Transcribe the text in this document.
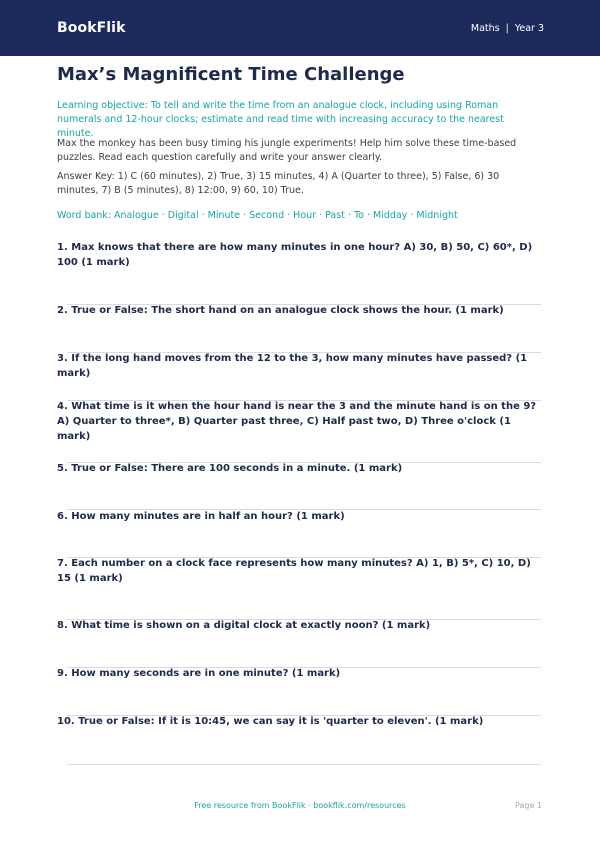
BookFlik	Maths | Year 3
Max’s Magnificent Time Challenge
Learning objective: To tell and write the time from an analogue clock, including using Roman numerals and 12-hour clocks; estimate and read time with increasing accuracy to the nearest minute.
Max the monkey has been busy timing his jungle experiments! Help him solve these time-based puzzles. Read each question carefully and write your answer clearly.
Answer Key: 1) C (60 minutes), 2) True, 3) 15 minutes, 4) A (Quarter to three), 5) False, 6) 30 minutes, 7) B (5 minutes), 8) 12:00, 9) 60, 10) True.
Word bank: Analogue · Digital · Minute · Second · Hour · Past · To · Midday · Midnight
1. Max knows that there are how many minutes in one hour? A) 30, B) 50, C) 60*, D) 100 (1 mark)
2. True or False: The short hand on an analogue clock shows the hour. (1 mark)
3. If the long hand moves from the 12 to the 3, how many minutes have passed? (1 mark)
4. What time is it when the hour hand is near the 3 and the minute hand is on the 9? A) Quarter to three*, B) Quarter past three, C) Half past two, D) Three o'clock (1 mark)
5. True or False: There are 100 seconds in a minute. (1 mark)
6. How many minutes are in half an hour? (1 mark)
7. Each number on a clock face represents how many minutes? A) 1, B) 5*, C) 10, D) 15 (1 mark)
8. What time is shown on a digital clock at exactly noon? (1 mark)
9. How many seconds are in one minute? (1 mark)
10. True or False: If it is 10:45, we can say it is 'quarter to eleven'. (1 mark)
Free resource from BookFlik · bookflik.com/resources	Page 1
